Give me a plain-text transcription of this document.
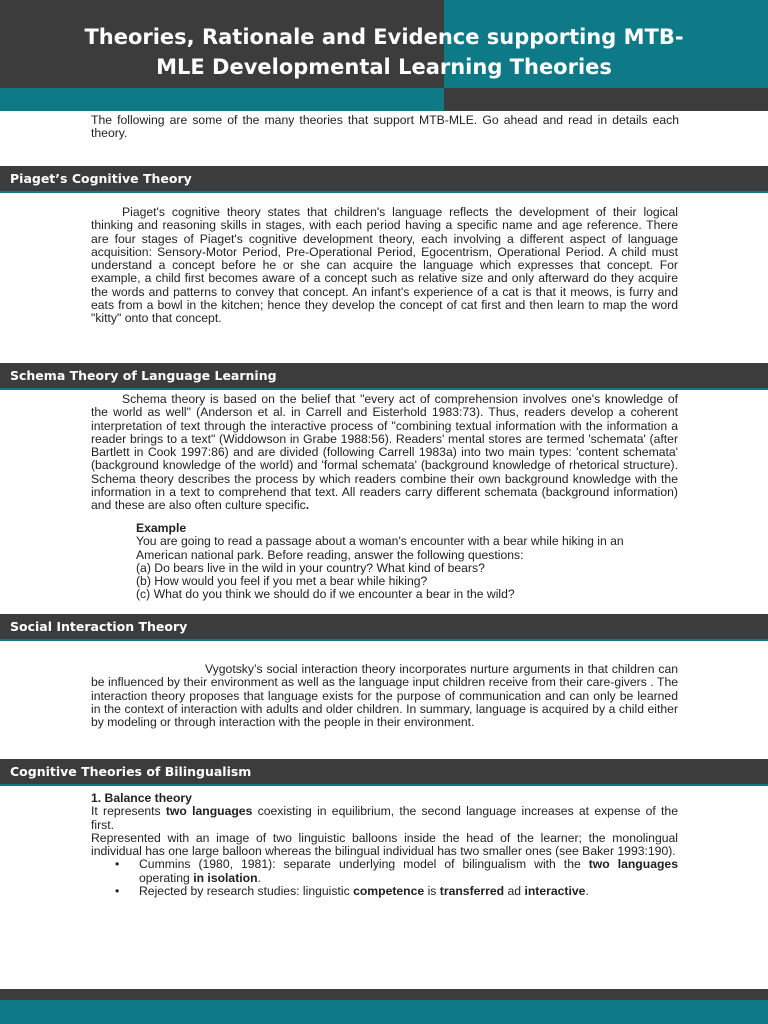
Theories, Rationale and Evidence supporting MTB-
MLE Developmental Learning Theories
The following are some of the many theories that support MTB-MLE. Go ahead and read in details each theory.
Piaget’s Cognitive Theory

Piaget's cognitive theory states that children's language reflects the development of their logical thinking and reasoning skills in stages, with each period having a specific name and age reference. There are four stages of Piaget's cognitive development theory, each involving a different aspect of language acquisition: Sensory-Motor Period, Pre-Operational Period, Egocentrism, Operational Period. A child must understand a concept before he or she can acquire the language which expresses that concept. For example, a child first becomes aware of a concept such as relative size and only afterward do they acquire the words and patterns to convey that concept. An infant's experience of a cat is that it meows, is furry and eats from a bowl in the kitchen; hence they develop the concept of cat first and then learn to map the word "kitty" onto that concept.

Schema Theory of Language Learning

Schema theory is based on the belief that "every act of comprehension involves one's knowledge of the world as well" (Anderson et al. in Carrell and Eisterhold 1983:73). Thus, readers develop a coherent interpretation of text through the interactive process of "combining textual information with the information a reader brings to a text" (Widdowson in Grabe 1988:56). Readers' mental stores are termed 'schemata' (after Bartlett in Cook 1997:86) and are divided (following Carrell 1983a) into two main types: 'content schemata' (background knowledge of the world) and 'formal schemata' (background knowledge of rhetorical structure). Schema theory describes the process by which readers combine their own background knowledge with the information in a text to comprehend that text. All readers carry different schemata (background information) and these are also often culture specific.

Example

You are going to read a passage about a woman's encounter with a bear while hiking in an American national park. Before reading, answer the following questions:

(a) Do bears live in the wild in your country? What kind of bears?

(b) How would you feel if you met a bear while hiking?

(c) What do you think we should do if we encounter a bear in the wild?

Social Interaction Theory

Vygotsky’s social interaction theory incorporates nurture arguments in that children can be influenced by their environment as well as the language input children receive from their care-givers . The interaction theory proposes that language exists for the purpose of communication and can only be learned in the context of interaction with adults and older children. In summary, language is acquired by a child either by modeling or through interaction with the people in their environment.

Cognitive Theories of Bilingualism

1. Balance theory

It represents two languages coexisting in equilibrium, the second language increases at expense of the first.

Represented with an image of two linguistic balloons inside the head of the learner; the monolingual individual has one large balloon whereas the bilingual individual has two smaller ones (see Baker 1993:190).

• Cummins (1980, 1981): separate underlying model of bilingualism with the two languages operating in isolation.
• Rejected by research studies: linguistic competence is transferred ad interactive.
